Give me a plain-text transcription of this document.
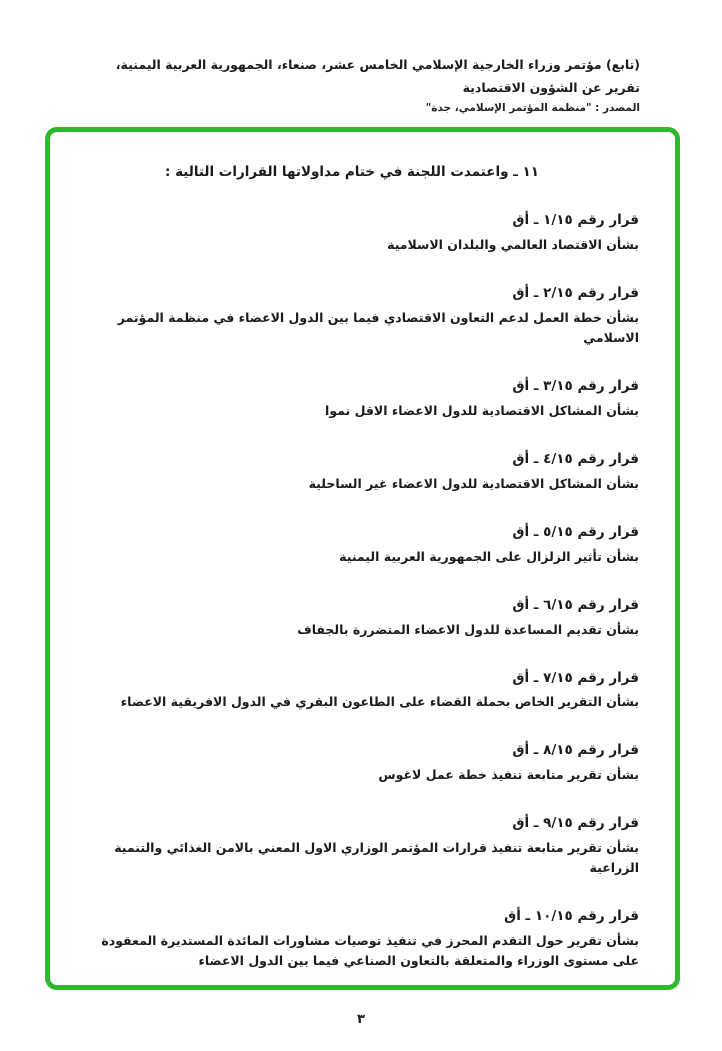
(تابع) مؤتمر وزراء الخارجية الإسلامي الخامس عشر، صنعاء، الجمهورية العربية اليمنية، تقرير عن الشؤون الاقتصادية
المصدر : "منظمة المؤتمر الإسلامي، جدة"
١١ ـ واعتمدت اللجنة في ختام مداولاتها القرارات التالية :
قرار رقم ١/١٥ ـ أق
بشأن الاقتصاد العالمي والبلدان الاسلامية
قرار رقم ٢/١٥ ـ أق
بشأن خطة العمل لدعم التعاون الاقتصادي فيما بين الدول الاعضاء في منظمة المؤتمر الاسلامي
قرار رقم ٣/١٥ ـ أق
بشأن المشاكل الاقتصادية للدول الاعضاء الاقل نموا
قرار رقم ٤/١٥ ـ أق
بشأن المشاكل الاقتصادية للدول الاعضاء غير الساحلية
قرار رقم ٥/١٥ ـ أق
بشأن تأثير الزلزال على الجمهورية العربية اليمنية
قرار رقم ٦/١٥ ـ أق
بشأن تقديم المساعدة للدول الاعضاء المتضررة بالجفاف
قرار رقم ٧/١٥ ـ أق
بشأن التقرير الخاص بحملة القضاء على الطاعون البقري في الدول الافريقية الاعضاء
قرار رقم ٨/١٥ ـ أق
بشأن تقرير متابعة تنفيذ خطة عمل لاغوس
قرار رقم ٩/١٥ ـ أق
بشأن تقرير متابعة تنفيذ قرارات المؤتمر الوزاري الاول المعني بالامن الغذائي والتنمية الزراعية
قرار رقم ١٠/١٥ ـ أق
بشأن تقرير حول التقدم المحرز في تنفيذ توصيات مشاورات المائدة المستديرة المعقودة على مستوى الوزراء والمتعلقة بالتعاون الصناعي فيما بين الدول الاعضاء
٣
